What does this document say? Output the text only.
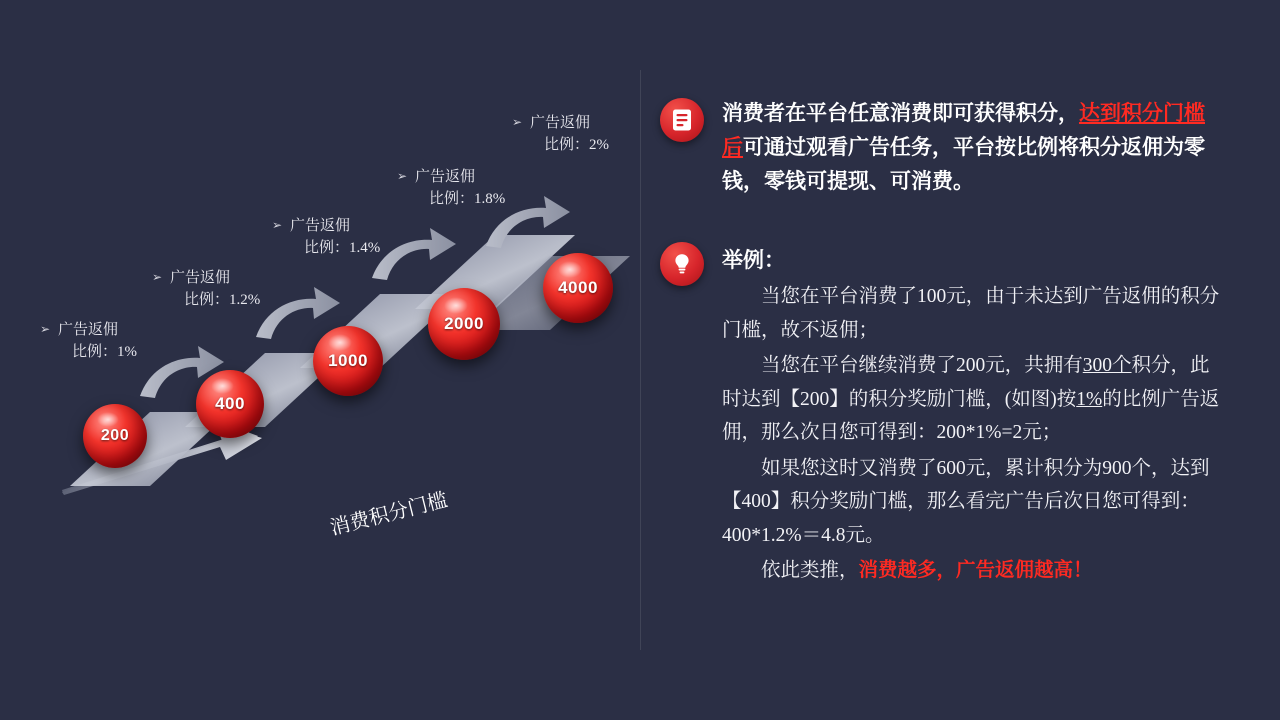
200
400
1000
2000
4000
➢ 广告返佣
比例：1%
➢ 广告返佣
比例：1.2%
➢ 广告返佣
比例：1.4%
➢ 广告返佣
比例：1.8%
➢ 广告返佣
比例：2%
消费积分门槛
消费者在平台任意消费即可获得积分，达到积分门槛后可通过观看广告任务，平台按比例将积分返佣为零钱，零钱可提现、可消费。
举例：

当您在平台消费了100元，由于未达到广告返佣的积分门槛，故不返佣；

当您在平台继续消费了200元，共拥有300个积分，此时达到【200】的积分奖励门槛，(如图)按1%的比例广告返佣，那么次日您可得到：200*1%=2元；

如果您这时又消费了600元，累计积分为900个，达到【400】积分奖励门槛，那么看完广告后次日您可得到：400*1.2%＝4.8元。

依此类推，消费越多，广告返佣越高！
